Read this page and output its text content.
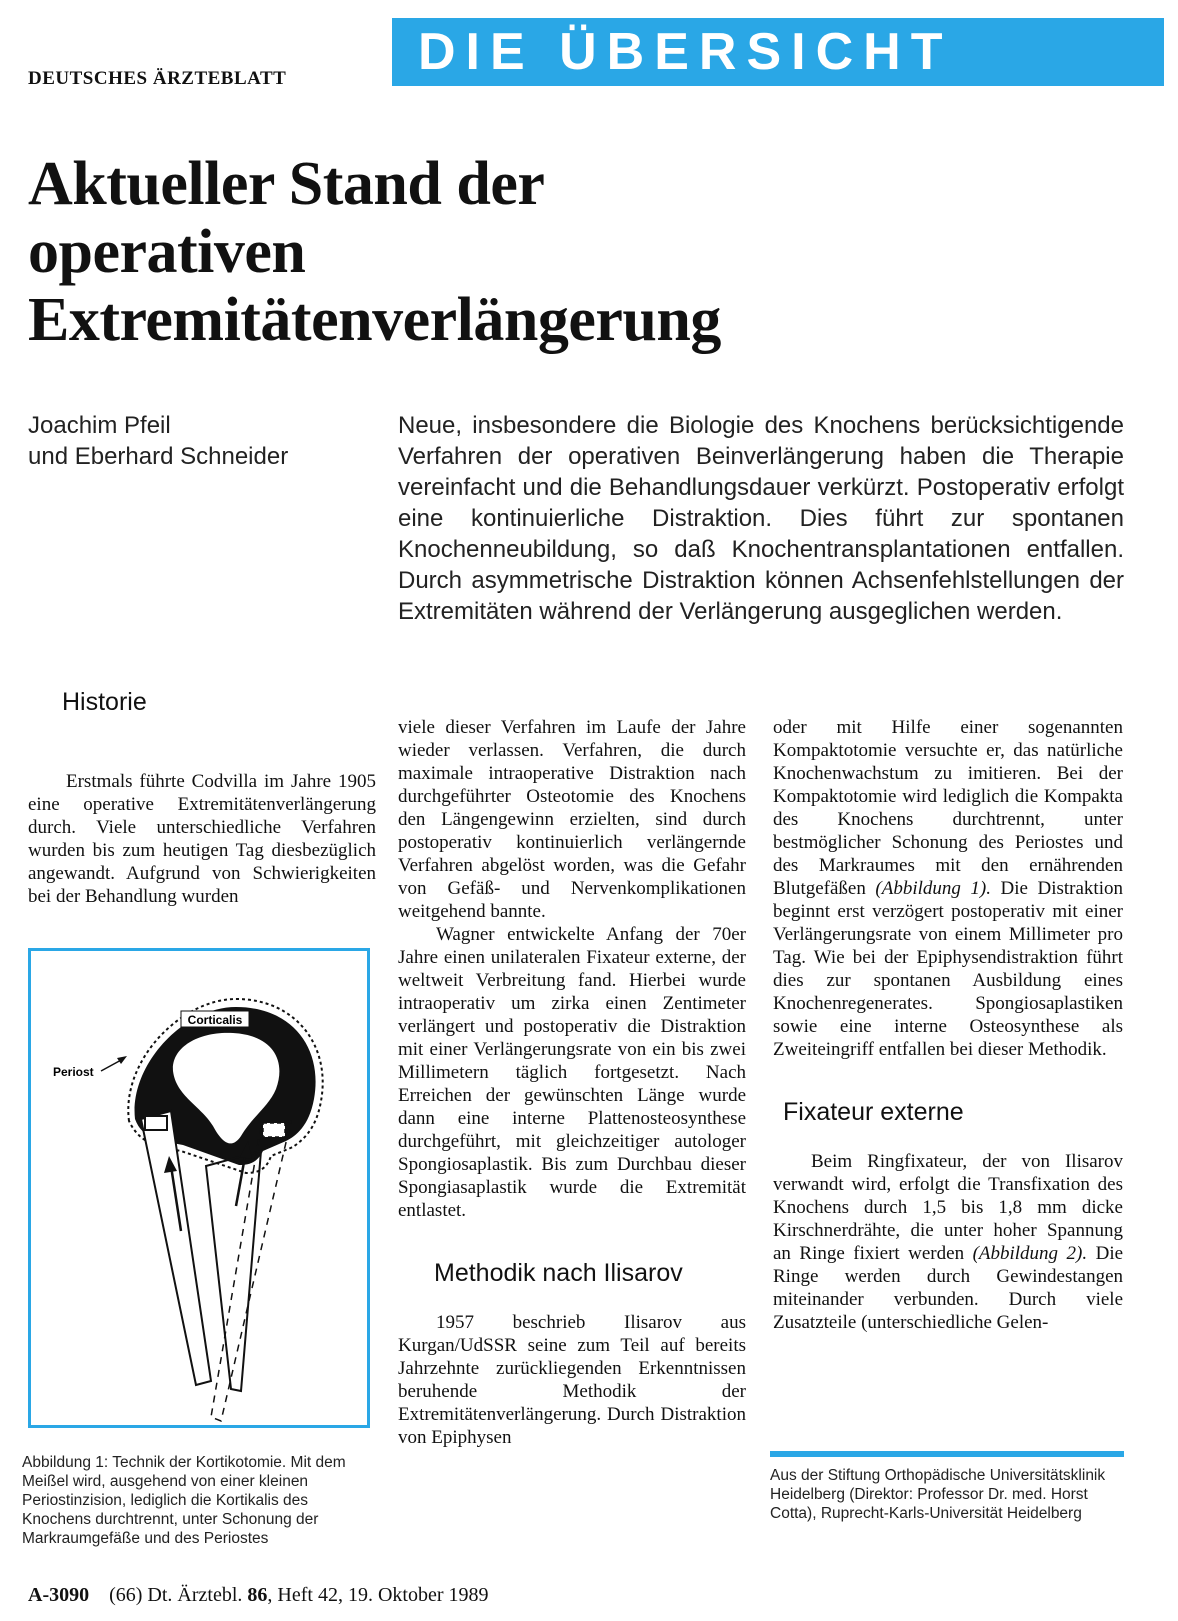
DEUTSCHES ÄRZTEBLATT	DIE ÜBERSICHT
Aktueller Stand der
operativen
Extremitätenverlängerung
Joachim Pfeil
und Eberhard Schneider
Neue, insbesondere die Biologie des Knochens berücksichtigende Verfahren der operativen Beinverlängerung haben die Therapie vereinfacht und die Behandlungsdauer verkürzt. Postoperativ erfolgt eine kontinuierliche Distraktion. Dies führt zur spontanen Knochenneubildung, so daß Knochentransplantationen entfallen. Durch asymmetrische Distraktion können Achsenfehlstellungen der Extremitäten während der Verlängerung ausgeglichen werden.
Historie

Erstmals führte Codvilla im Jahre 1905 eine operative Extremitätenverlängerung durch. Viele unterschiedliche Verfahren wurden bis zum heutigen Tag diesbezüglich angewandt. Aufgrund von Schwierigkeiten bei der Behandlung wurden

Corticalis
Periost
Abbildung 1: Technik der Kortikotomie. Mit dem Meißel wird, ausgehend von einer kleinen Periostinzision, lediglich die Kortikalis des Knochens durchtrennt, unter Schonung der Markraumgefäße und des Periostes

viele dieser Verfahren im Laufe der Jahre wieder verlassen. Verfahren, die durch maximale intraoperative Distraktion nach durchgeführter Osteotomie des Knochens den Längengewinn erzielten, sind durch postoperativ kontinuierlich verlängernde Verfahren abgelöst worden, was die Gefahr von Gefäß- und Nervenkomplikationen weitgehend bannte.

Wagner entwickelte Anfang der 70er Jahre einen unilateralen Fixateur externe, der weltweit Verbreitung fand. Hierbei wurde intraoperativ um zirka einen Zentimeter verlängert und postoperativ die Distraktion mit einer Verlängerungsrate von ein bis zwei Millimetern täglich fortgesetzt. Nach Erreichen der gewünschten Länge wurde dann eine interne Plattenosteosynthese durchgeführt, mit gleichzeitiger autologer Spongiosaplastik. Bis zum Durchbau dieser Spongiasaplastik wurde die Extremität entlastet.

Methodik nach Ilisarov

1957 beschrieb Ilisarov aus Kurgan/UdSSR seine zum Teil auf bereits Jahrzehnte zurückliegenden Erkenntnissen beruhende Methodik der Extremitätenverlängerung. Durch Distraktion von Epiphysen

oder mit Hilfe einer sogenannten Kompaktotomie versuchte er, das natürliche Knochenwachstum zu imitieren. Bei der Kompaktotomie wird lediglich die Kompakta des Knochens durchtrennt, unter bestmöglicher Schonung des Periostes und des Markraumes mit den ernährenden Blutgefäßen (Abbildung 1). Die Distraktion beginnt erst verzögert postoperativ mit einer Verlängerungsrate von einem Millimeter pro Tag. Wie bei der Epiphysendistraktion führt dies zur spontanen Ausbildung eines Knochenregenerates. Spongiosaplastiken sowie eine interne Osteosynthese als Zweiteingriff entfallen bei dieser Methodik.

Fixateur externe

Beim Ringfixateur, der von Ilisarov verwandt wird, erfolgt die Transfixation des Knochens durch 1,5 bis 1,8 mm dicke Kirschnerdrähte, die unter hoher Spannung an Ringe fixiert werden (Abbildung 2). Die Ringe werden durch Gewindestangen miteinander verbunden. Durch viele Zusatzteile (unterschiedliche Gelen-

Aus der Stiftung Orthopädische Universitätsklinik Heidelberg (Direktor: Professor Dr. med. Horst Cotta), Ruprecht-Karls-Universität Heidelberg
A-3090 (66) Dt. Ärztebl. 86, Heft 42, 19. Oktober 1989
